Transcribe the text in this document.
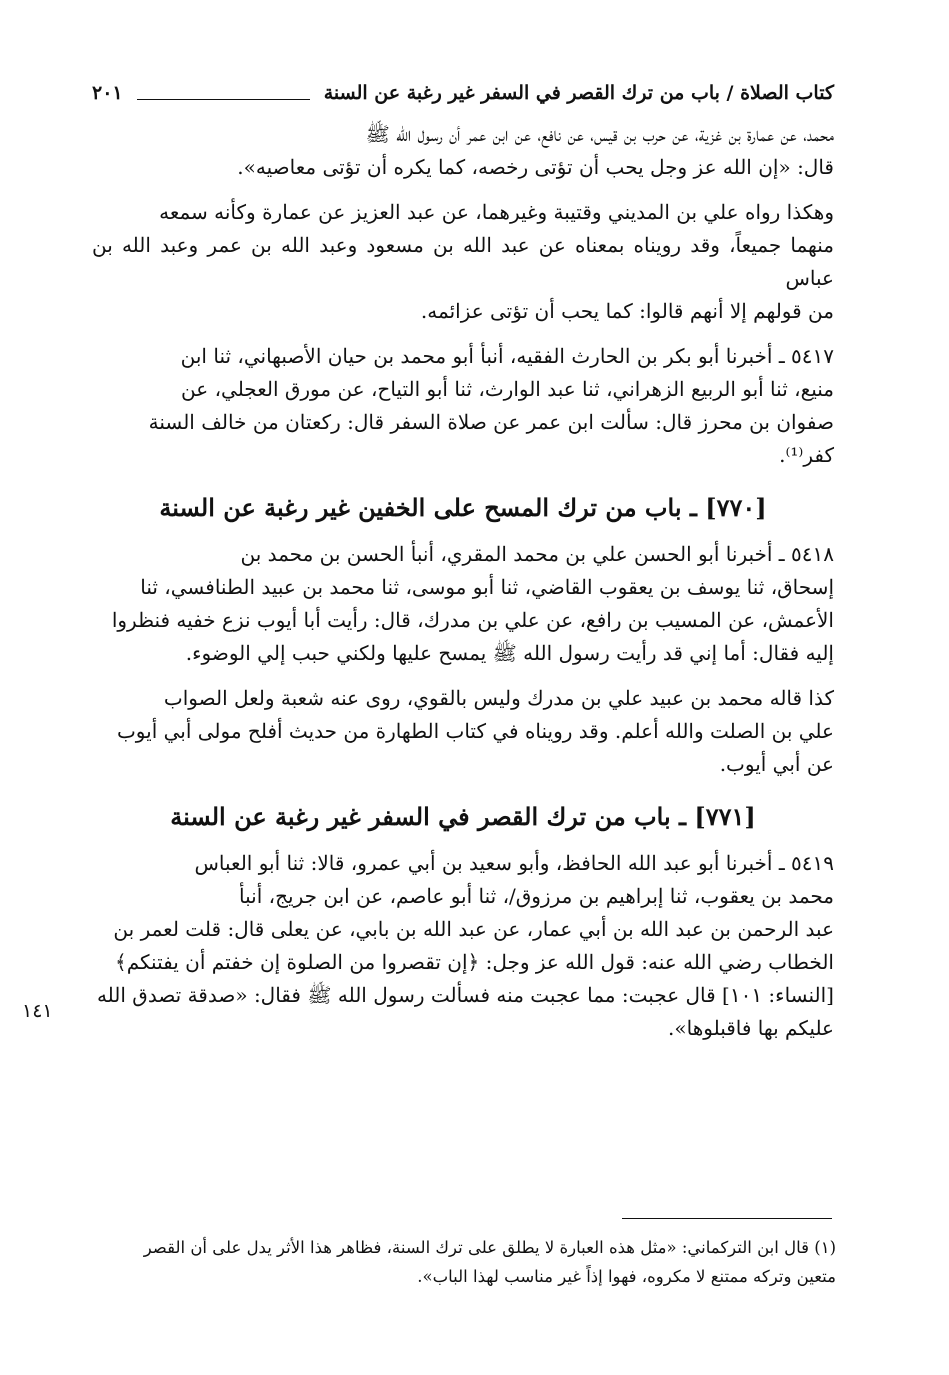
كتاب الصلاة / باب من ترك القصر في السفر غير رغبة عن السنة
٢٠١

محمد، عن عمارة بن غزية، عن حرب بن قيس، عن نافع، عن ابن عمر أن رسول الله ﷺ

قال: «إن الله عز وجل يحب أن تؤتى رخصه، كما يكره أن تؤتى معاصيه».

وهكذا رواه علي بن المديني وقتيبة وغيرهما، عن عبد العزيز عن عمارة وكأنه سمعه

منهما جميعاً، وقد رويناه بمعناه عن عبد الله بن مسعود وعبد الله بن عمر وعبد الله بن عباس

من قولهم إلا أنهم قالوا: كما يحب أن تؤتى عزائمه.

٥٤١٧ ـ أخبرنا أبو بكر بن الحارث الفقيه، أنبأ أبو محمد بن حيان الأصبهاني، ثنا ابن

منيع، ثنا أبو الربيع الزهراني، ثنا عبد الوارث، ثنا أبو التياح، عن مورق العجلي، عن

صفوان بن محرز قال: سألت ابن عمر عن صلاة السفر قال: ركعتان من خالف السنة

كفر⁽¹⁾.

[٧٧٠] ـ باب من ترك المسح على الخفين غير رغبة عن السنة

٥٤١٨ ـ أخبرنا أبو الحسن علي بن محمد المقري، أنبأ الحسن بن محمد بن

إسحاق، ثنا يوسف بن يعقوب القاضي، ثنا أبو موسى، ثنا محمد بن عبيد الطنافسي، ثنا

الأعمش، عن المسيب بن رافع، عن علي بن مدرك، قال: رأيت أبا أيوب نزع خفيه فنظروا

إليه فقال: أما إني قد رأيت رسول الله ﷺ يمسح عليها ولكني حبب إلي الوضوء.

كذا قاله محمد بن عبيد علي بن مدرك وليس بالقوي، روى عنه شعبة ولعل الصواب

علي بن الصلت والله أعلم. وقد رويناه في كتاب الطهارة من حديث أفلح مولى أبي أيوب

عن أبي أيوب.

[٧٧١] ـ باب من ترك القصر في السفر غير رغبة عن السنة

٥٤١٩ ـ أخبرنا أبو عبد الله الحافظ، وأبو سعيد بن أبي عمرو، قالا: ثنا أبو العباس

محمد بن يعقوب، ثنا إبراهيم بن مرزوق/، ثنا أبو عاصم، عن ابن جريج، أنبأ

عبد الرحمن بن عبد الله بن أبي عمار، عن عبد الله بن بابي، عن يعلى قال: قلت لعمر بن

الخطاب رضي الله عنه: قول الله عز وجل: ﴿إن تقصروا من الصلوة إن خفتم أن يفتنكم﴾

[النساء: ١٠١] قال عجبت: مما عجبت منه فسألت رسول الله ﷺ فقال: «صدقة تصدق الله

عليكم بها فاقبلوها».

١٤١

(١) قال ابن التركماني: «مثل هذه العبارة لا يطلق على ترك السنة، فظاهر هذا الأثر يدل على أن القصر

متعين وتركه ممتنع لا مكروه، فهوا إذاً غير مناسب لهذا الباب».
